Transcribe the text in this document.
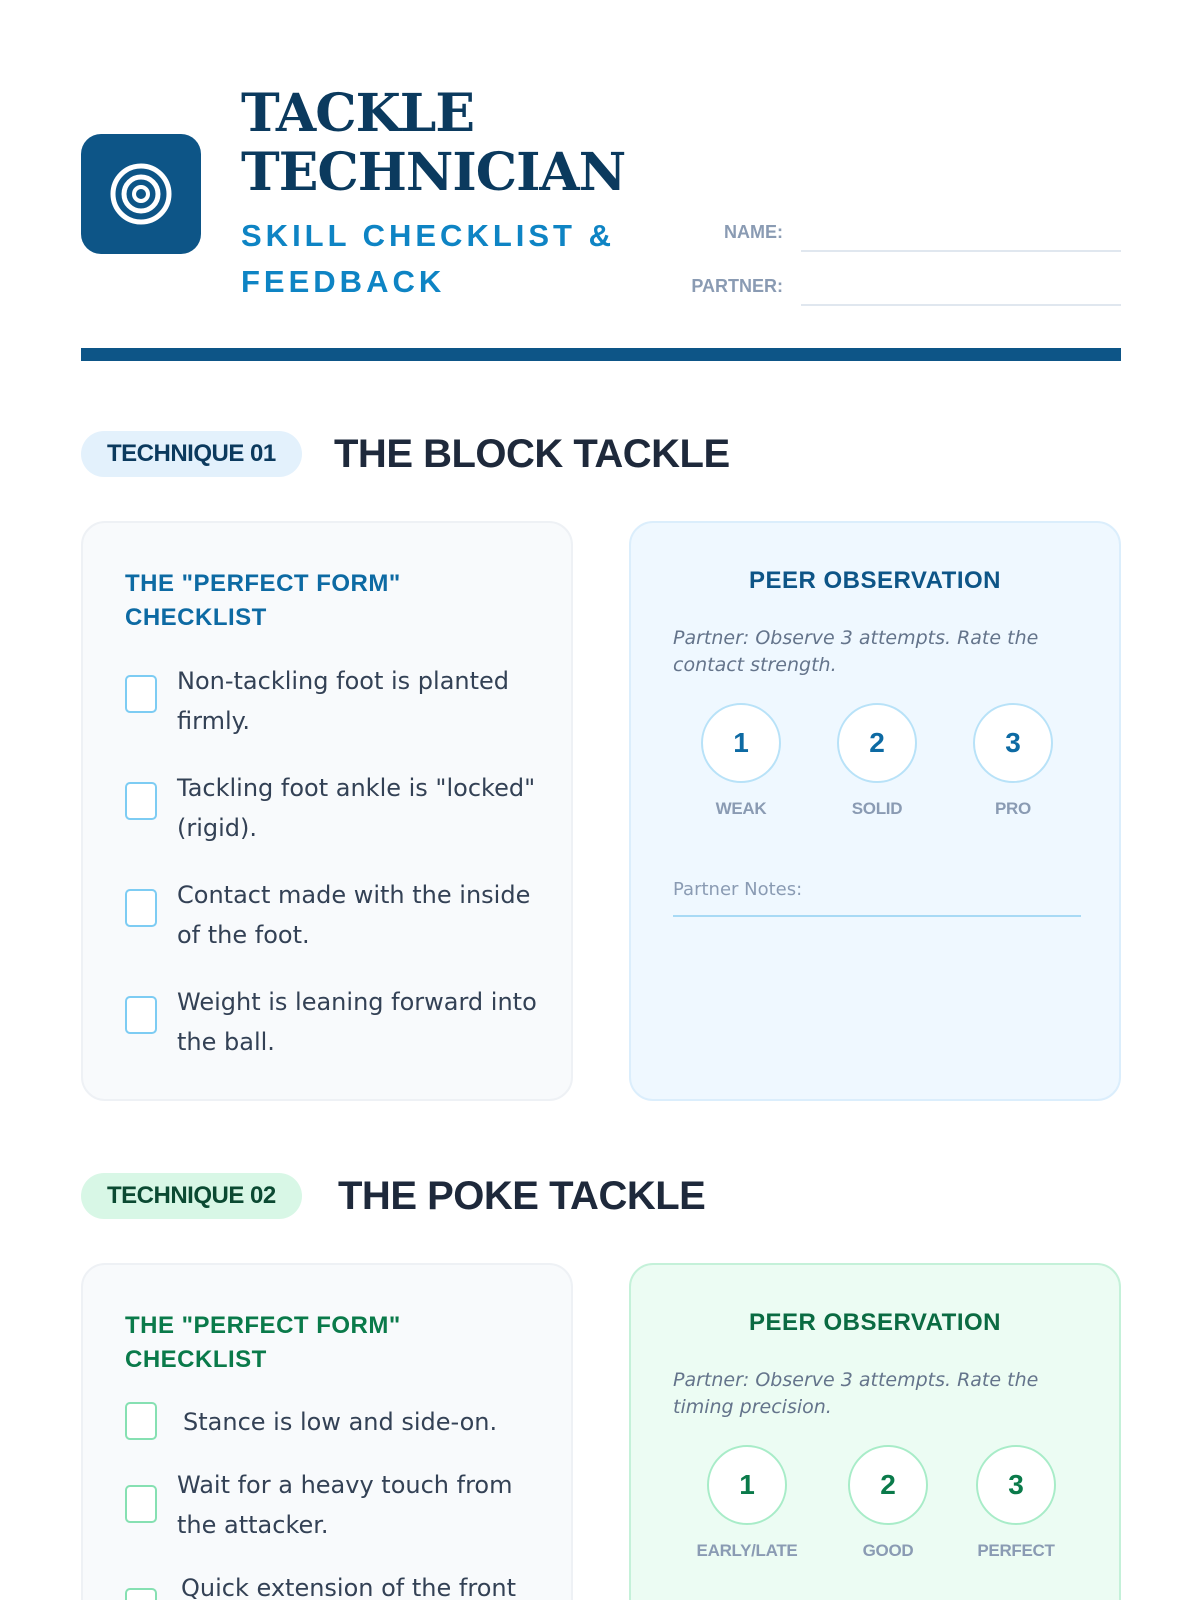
TACKLE
TECHNICIAN
SKILL CHECKLIST & FEEDBACK
NAME:
PARTNER:
TECHNIQUE 01	THE BLOCK TACKLE
THE "PERFECT FORM" CHECKLIST
Non-tackling foot is planted firmly.
Tackling foot ankle is "locked" (rigid).
Contact made with the inside of the foot.
Weight is leaning forward into the ball.
PEER OBSERVATION
Partner: Observe 3 attempts. Rate the contact strength.
1
WEAK
2
SOLID
3
PRO
Partner Notes:
TECHNIQUE 02	THE POKE TACKLE
THE "PERFECT FORM" CHECKLIST
Stance is low and side-on.
Wait for a heavy touch from the attacker.
Quick extension of the front
PEER OBSERVATION
Partner: Observe 3 attempts. Rate the timing precision.
1
EARLY/LATE
2
GOOD
3
PERFECT
